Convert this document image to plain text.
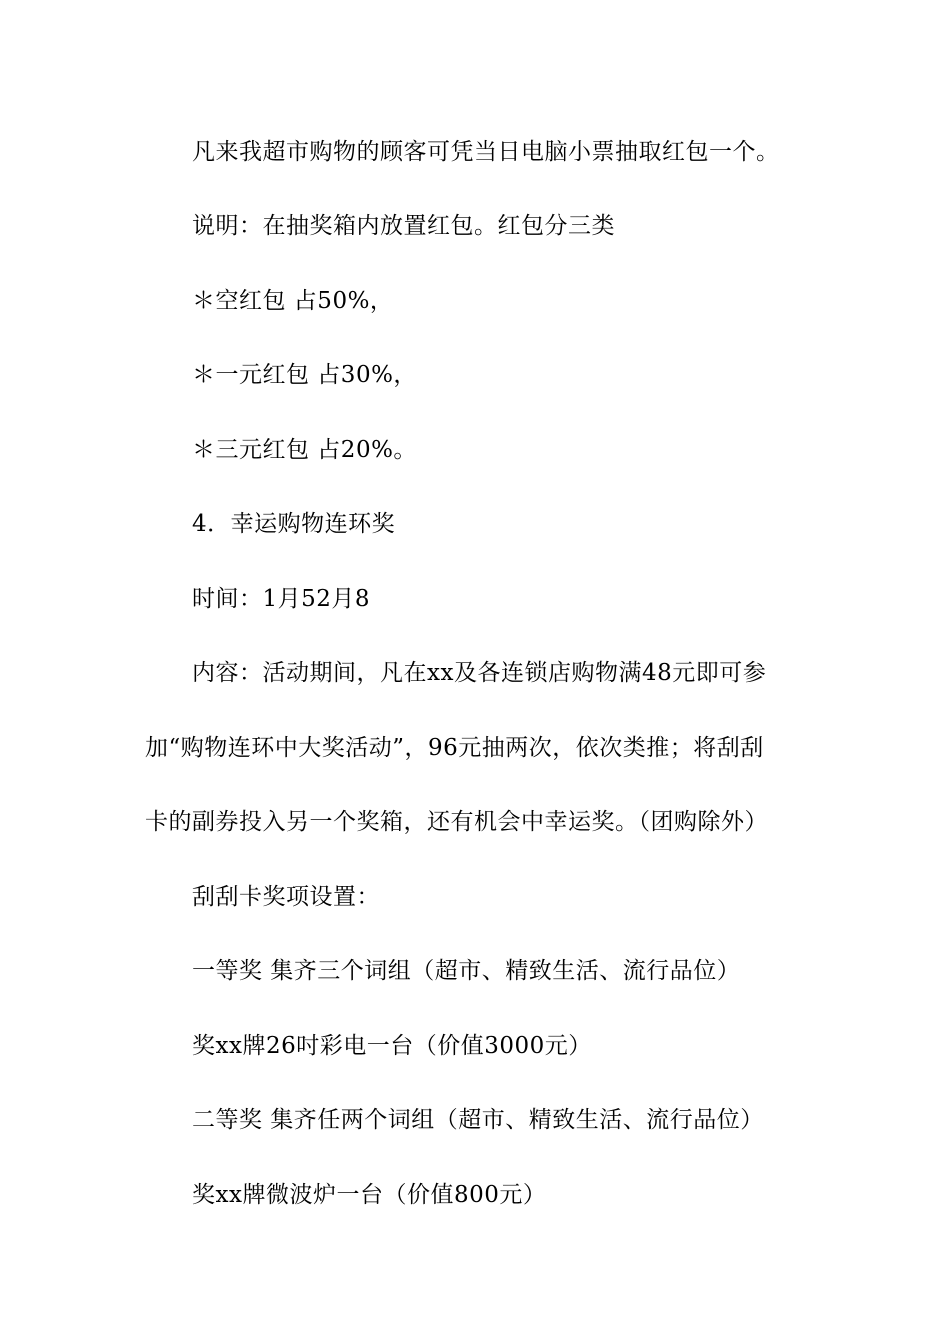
凡来我超市购物的顾客可凭当日电脑小票抽取红包一个。
说明：在抽奖箱内放置红包。红包分三类
＊空红包 占50%，
＊一元红包 占30%，
＊三元红包 占20%。
4．幸运购物连环奖
时间：1月52月8
内容：活动期间，凡在xx及各连锁店购物满48元即可参
加“购物连环中大奖活动”，96元抽两次，依次类推；将刮刮
卡的副券投入另一个奖箱，还有机会中幸运奖。（团购除外）
刮刮卡奖项设置：
一等奖 集齐三个词组（超市、精致生活、流行品位）
奖xx牌26吋彩电一台（价值3000元）
二等奖 集齐任两个词组（超市、精致生活、流行品位）
奖xx牌微波炉一台（价值800元）
